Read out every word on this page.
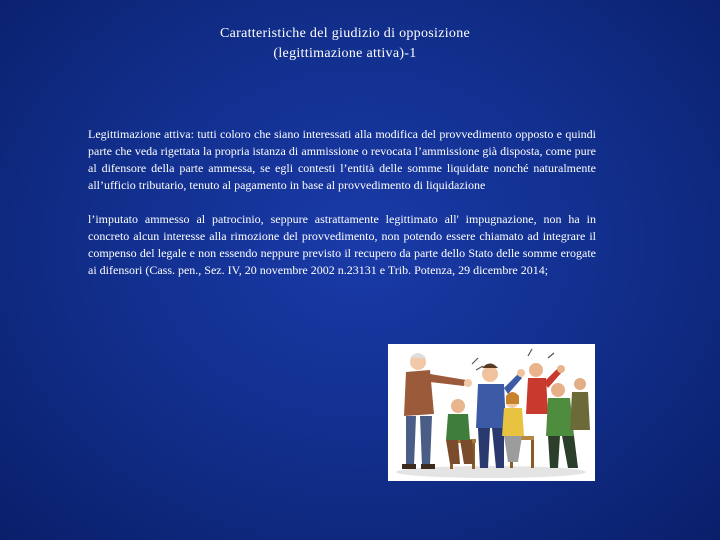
Caratteristiche del giudizio di opposizione
(legittimazione attiva)-1

Legittimazione attiva: tutti coloro che siano interessati alla modifica del provvedimento opposto e quindi parte che veda rigettata la propria istanza di ammissione o revocata l’ammissione già disposta, come pure al difensore della parte ammessa, se egli contesti l’entità delle somme liquidate nonché naturalmente all’ufficio tributario, tenuto al pagamento in base al provvedimento di liquidazione

l’imputato ammesso al patrocinio, seppure astrattamente legittimato all' impugnazione, non ha in concreto alcun interesse alla rimozione del provvedimento, non potendo essere chiamato ad integrare il compenso del legale e non essendo neppure previsto il recupero da parte dello Stato delle somme erogate ai difensori (Cass. pen., Sez. IV, 20 novembre 2002 n.23131 e Trib. Potenza, 29 dicembre 2014;
